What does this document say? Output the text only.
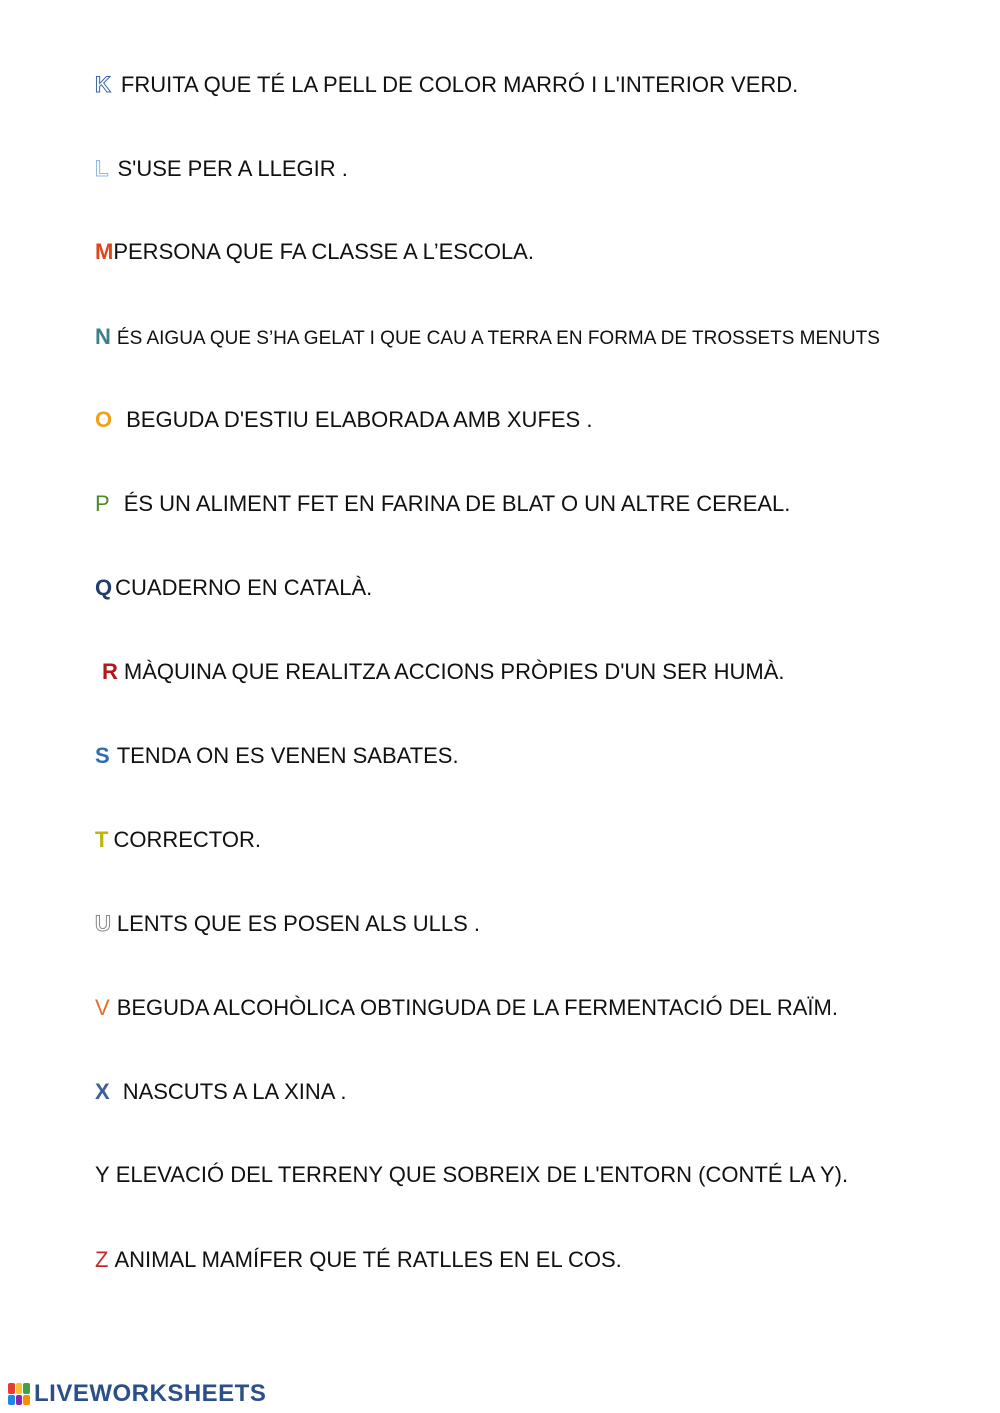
K FRUITA QUE TÉ LA PELL DE COLOR MARRÓ I L'INTERIOR VERD.
L S'USE PER A LLEGIR .
M PERSONA QUE FA CLASSE A L’ESCOLA.
N ÉS AIGUA QUE S’HA GELAT I QUE CAU A TERRA EN FORMA DE TROSSETS MENUTS
O BEGUDA D'ESTIU ELABORADA AMB XUFES .
P ÉS UN ALIMENT FET EN FARINA DE BLAT O UN ALTRE CEREAL.
Q CUADERNO EN CATALÀ.
R MÀQUINA QUE REALITZA ACCIONS PRÒPIES D'UN SER HUMÀ.
S TENDA ON ES VENEN SABATES.
T CORRECTOR.
U LENTS QUE ES POSEN ALS ULLS .
V BEGUDA ALCOHÒLICA OBTINGUDA DE LA FERMENTACIÓ DEL RAÏM.
X NASCUTS A LA XINA .
Y ELEVACIÓ DEL TERRENY QUE SOBREIX DE L'ENTORN (CONTÉ LA Y).
Z ANIMAL MAMÍFER QUE TÉ RATLLES EN EL COS.
LIVEWORKSHEETS
